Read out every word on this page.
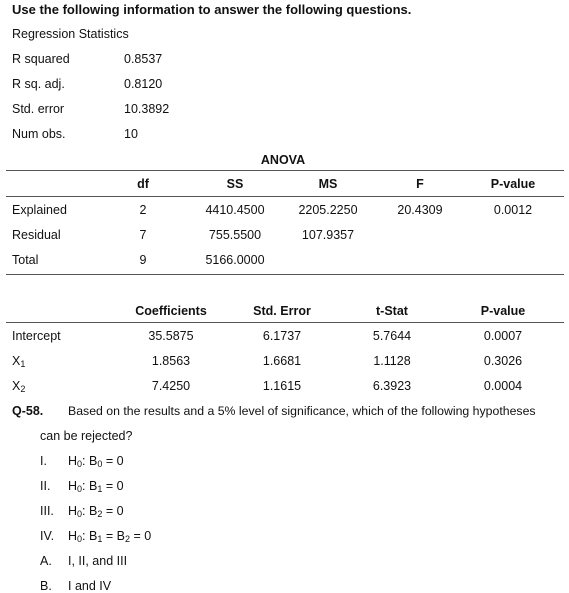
Use the following information to answer the following questions.
Regression Statistics
R squared	0.8537
R sq. adj.	0.8120
Std. error	10.3892
Num obs.	10
ANOVA
df	SS	MS	F	P-value
Explained	2	4410.4500	2205.2250	20.4309	0.0012
Residual	7	755.5500	107.9357
Total	9	5166.0000
Coefficients	Std. Error	t-Stat	P-value
Intercept	35.5875	6.1737	5.7644	0.0007
$X_1$	1.8563	1.6681	1.1128	0.3026
$X_2$	7.4250	1.1615	6.3923	0.0004
Q-58. Based on the results and a 5% level of significance, which of the following hypotheses
can be rejected?
I. $H_0$: $B_0 = 0$
II. $H_0$: $B_1 = 0$
III. $H_0$: $B_2 = 0$
IV. $H_0$: $B_1 = B_2 = 0$
A. I, II, and III
B. I and IV
